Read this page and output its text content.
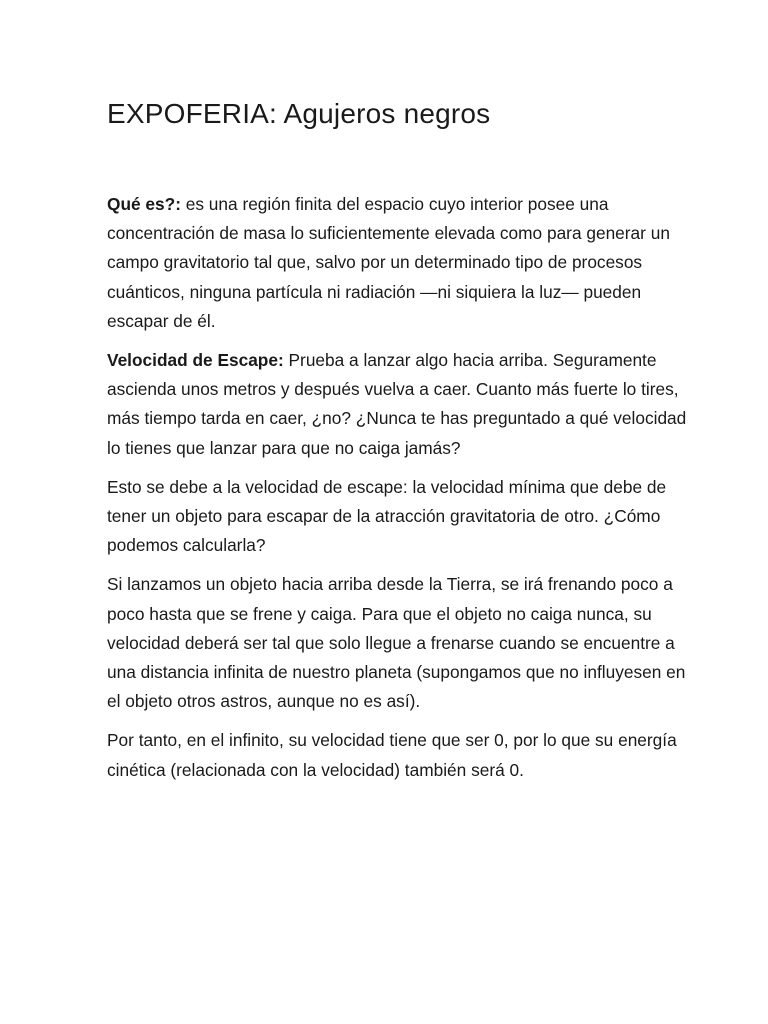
EXPOFERIA: Agujeros negros

Qué es?: es una región finita del espacio cuyo interior posee una concentración de masa lo suficientemente elevada como para generar un campo gravitatorio tal que, salvo por un determinado tipo de procesos cuánticos, ninguna partícula ni radiación —ni siquiera la luz— pueden escapar de él.

Velocidad de Escape: Prueba a lanzar algo hacia arriba. Seguramente ascienda unos metros y después vuelva a caer. Cuanto más fuerte lo tires, más tiempo tarda en caer, ¿no? ¿Nunca te has preguntado a qué velocidad lo tienes que lanzar para que no caiga jamás?

Esto se debe a la velocidad de escape: la velocidad mínima que debe de tener un objeto para escapar de la atracción gravitatoria de otro. ¿Cómo podemos calcularla?

Si lanzamos un objeto hacia arriba desde la Tierra, se irá frenando poco a poco hasta que se frene y caiga. Para que el objeto no caiga nunca, su velocidad deberá ser tal que solo llegue a frenarse cuando se encuentre a una distancia infinita de nuestro planeta (supongamos que no influyesen en el objeto otros astros, aunque no es así).

Por tanto, en el infinito, su velocidad tiene que ser 0, por lo que su energía cinética (relacionada con la velocidad) también será 0.
